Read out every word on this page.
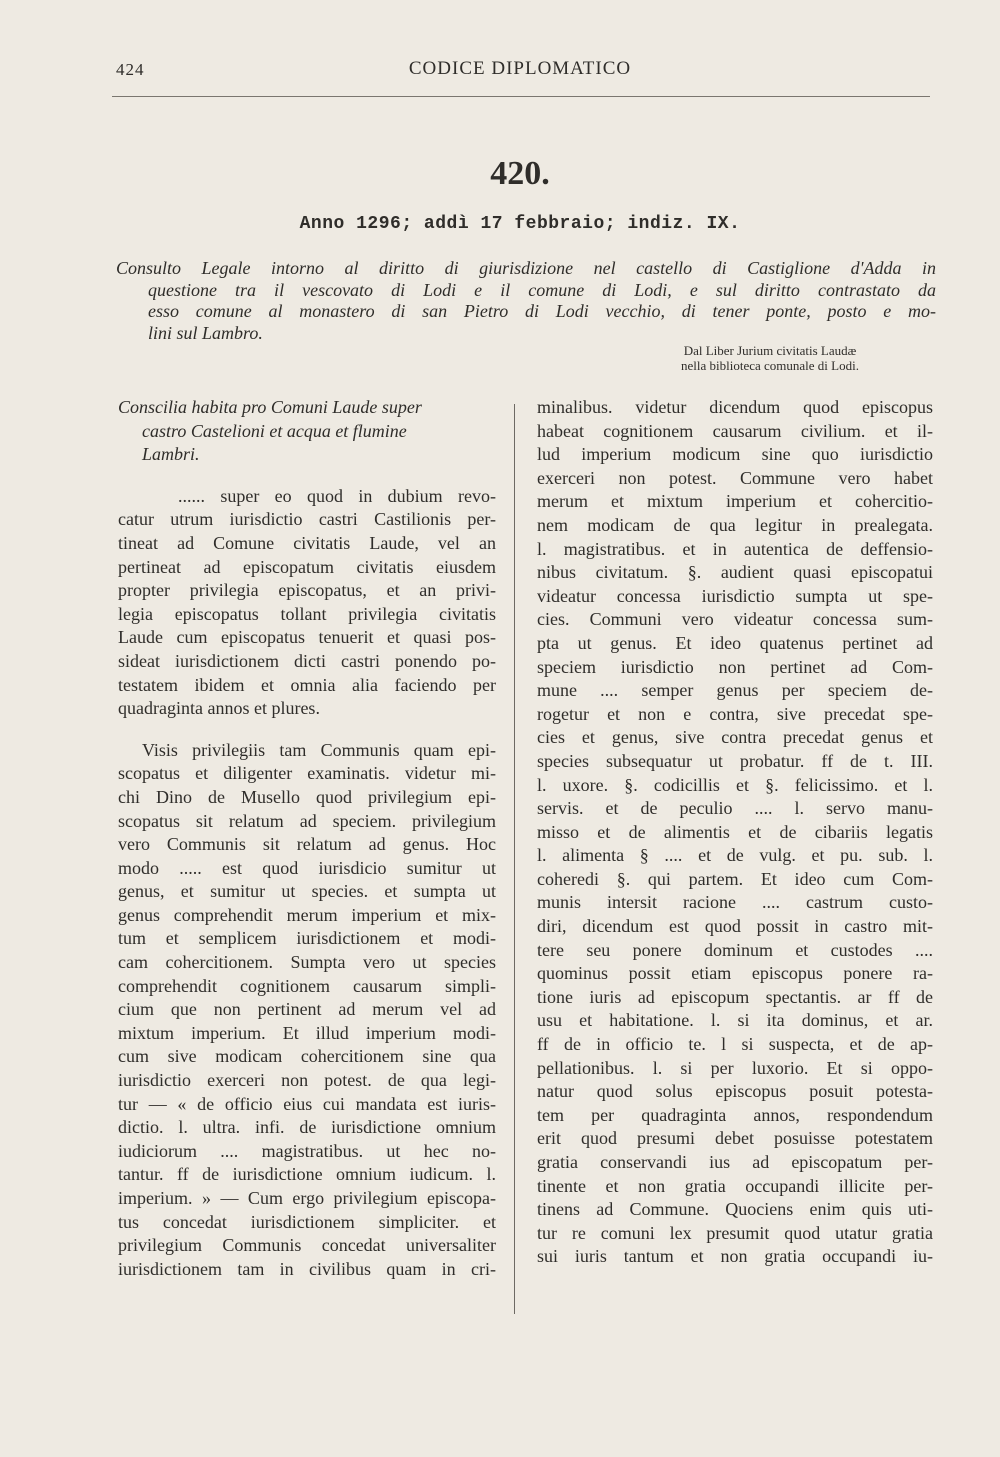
424	CODICE DIPLOMATICO
420.
Anno 1296; addì 17 febbraio; indiz. IX.
Consulto Legale intorno al diritto di giurisdizione nel castello di Castiglione d'Adda in
questione tra il vescovato di Lodi e il comune di Lodi, e sul diritto contrastato da
esso comune al monastero di san Pietro di Lodi vecchio, di tener ponte, posto e mo-
lini sul Lambro.
Dal Liber Jurium civitatis Laudæ
nella biblioteca comunale di Lodi.
Conscilia habita pro Comuni Laude super
castro Castelioni et acqua et flumine
Lambri.
...... super eo quod in dubium revo-
catur utrum iurisdictio castri Castilionis per-
tineat ad Comune civitatis Laude, vel an
pertineat ad episcopatum civitatis eiusdem
propter privilegia episcopatus, et an privi-
legia episcopatus tollant privilegia civitatis
Laude cum episcopatus tenuerit et quasi pos-
sideat iurisdictionem dicti castri ponendo po-
testatem ibidem et omnia alia faciendo per
quadraginta annos et plures.
Visis privilegiis tam Communis quam epi-
scopatus et diligenter examinatis. videtur mi-
chi Dino de Musello quod privilegium epi-
scopatus sit relatum ad speciem. privilegium
vero Communis sit relatum ad genus. Hoc
modo ..... est quod iurisdicio sumitur ut
genus, et sumitur ut species. et sumpta ut
genus comprehendit merum imperium et mix-
tum et semplicem iurisdictionem et modi-
cam cohercitionem. Sumpta vero ut species
comprehendit cognitionem causarum simpli-
cium que non pertinent ad merum vel ad
mixtum imperium. Et illud imperium modi-
cum sive modicam cohercitionem sine qua
iurisdictio exerceri non potest. de qua legi-
tur — « de officio eius cui mandata est iuris-
dictio. l. ultra. infi. de iurisdictione omnium
iudiciorum .... magistratibus. ut hec no-
tantur. ff de iurisdictione omnium iudicum. l.
imperium. » — Cum ergo privilegium episcopa-
tus concedat iurisdictionem simpliciter. et
privilegium Communis concedat universaliter
iurisdictionem tam in civilibus quam in cri-
minalibus. videtur dicendum quod episcopus
habeat cognitionem causarum civilium. et il-
lud imperium modicum sine quo iurisdictio
exerceri non potest. Commune vero habet
merum et mixtum imperium et cohercitio-
nem modicam de qua legitur in prealegata.
l. magistratibus. et in autentica de deffensio-
nibus civitatum. §. audient quasi episcopatui
videatur concessa iurisdictio sumpta ut spe-
cies. Communi vero videatur concessa sum-
pta ut genus. Et ideo quatenus pertinet ad
speciem iurisdictio non pertinet ad Com-
mune .... semper genus per speciem de-
rogetur et non e contra, sive precedat spe-
cies et genus, sive contra precedat genus et
species subsequatur ut probatur. ff de t. III.
l. uxore. §. codicillis et §. felicissimo. et l.
servis. et de peculio .... l. servo manu-
misso et de alimentis et de cibariis legatis
l. alimenta § .... et de vulg. et pu. sub. l.
coheredi §. qui partem. Et ideo cum Com-
munis intersit racione .... castrum custo-
diri, dicendum est quod possit in castro mit-
tere seu ponere dominum et custodes ....
quominus possit etiam episcopus ponere ra-
tione iuris ad episcopum spectantis. ar ff de
usu et habitatione. l. si ita dominus, et ar.
ff de in officio te. l si suspecta, et de ap-
pellationibus. l. si per luxorio. Et si oppo-
natur quod solus episcopus posuit potesta-
tem per quadraginta annos, respondendum
erit quod presumi debet posuisse potestatem
gratia conservandi ius ad episcopatum per-
tinente et non gratia occupandi illicite per-
tinens ad Commune. Quociens enim quis uti-
tur re comuni lex presumit quod utatur gratia
sui iuris tantum et non gratia occupandi iu-
